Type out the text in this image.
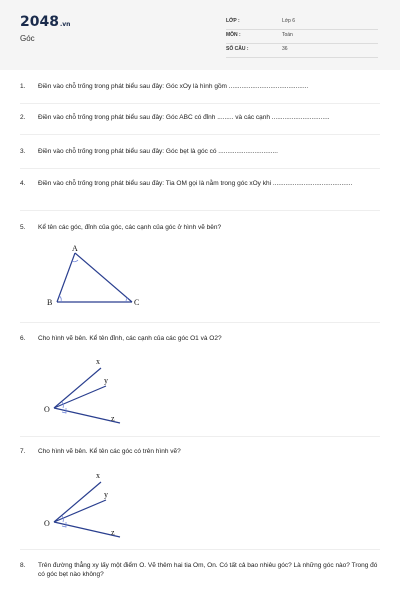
2048.vn
Góc
LỚP :	Lớp 6
MÔN :	Toán
SỐ CÂU :	36
1. Điền vào chỗ trống trong phát biểu sau đây: Góc xOy là hình gồm ............................................
2. Điền vào chỗ trống trong phát biểu sau đây: Góc ABC có đỉnh ......... và các cạnh ................................
3. Điền vào chỗ trống trong phát biểu sau đây: Góc bẹt là góc có .................................
4. Điền vào chỗ trống trong phát biểu sau đây: Tia OM gọi là nằm trong góc xOy khi ............................................
5. Kể tên các góc, đỉnh của góc, các cạnh của góc ở hình vẽ bên?
A
B	C
6. Cho hình vẽ bên. Kể tên đỉnh, các cạnh của các góc O1 và O2?
O
x
y
z
7. Cho hình vẽ bên. Kể tên các góc có trên hình vẽ?
O
x
y
z
8. Trên đường thẳng xy lấy một điểm O. Vẽ thêm hai tia Om, On. Có tất cả bao nhiêu góc? Là những góc nào? Trong đó có góc bẹt nào không?
